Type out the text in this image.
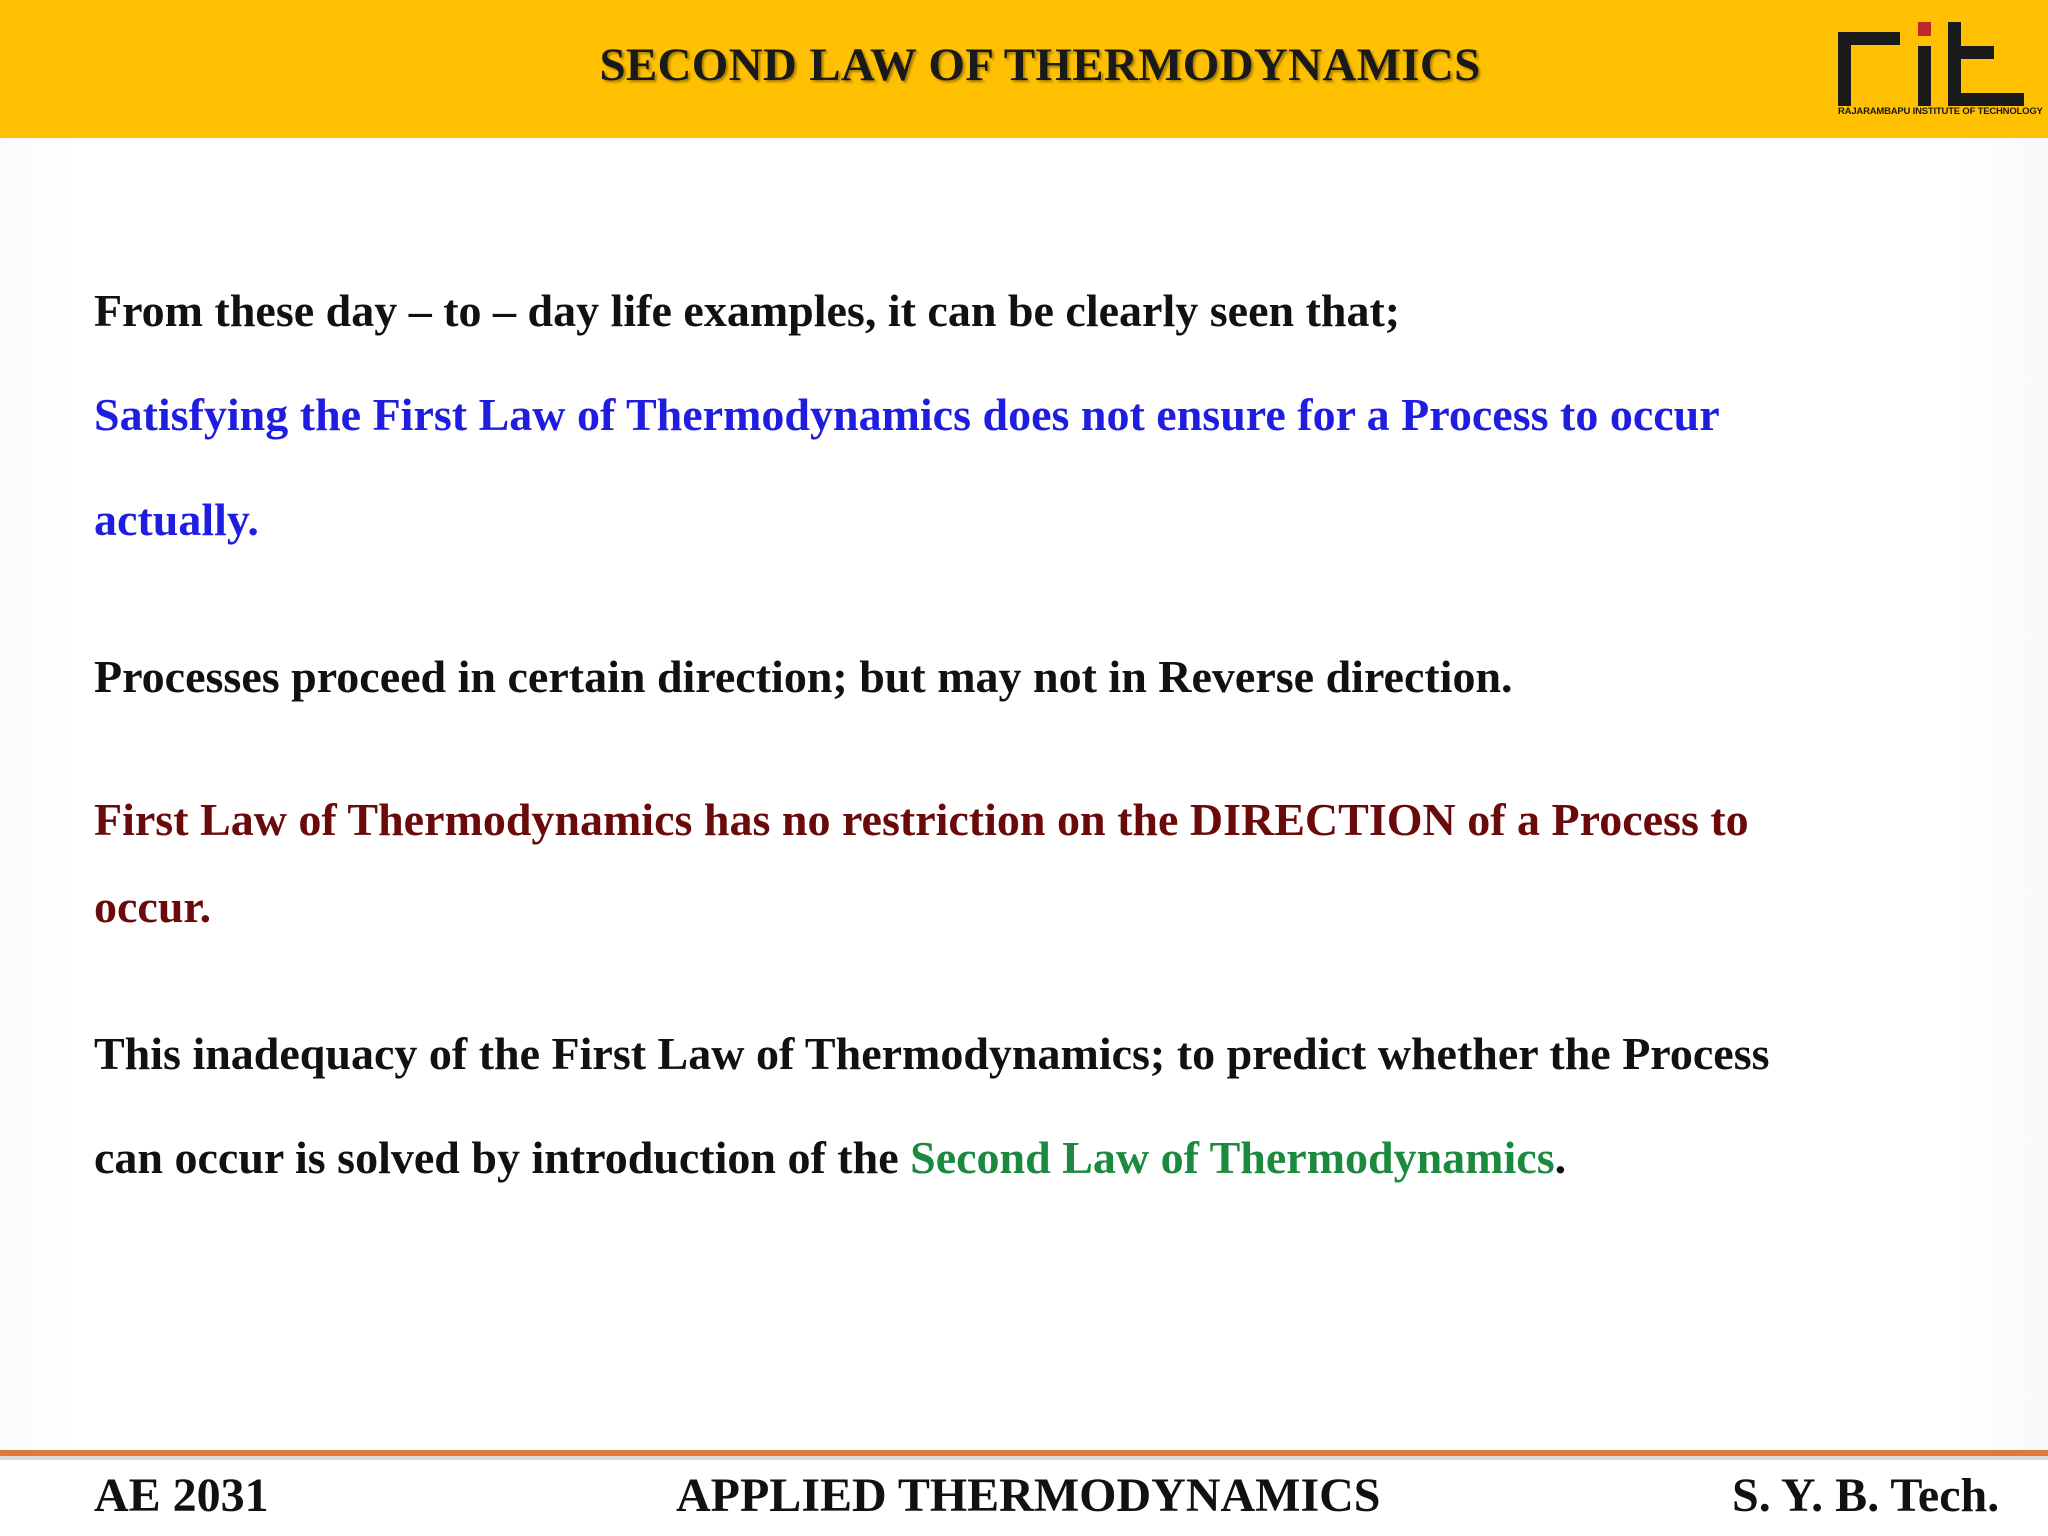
SECOND LAW OF THERMODYNAMICS
RAJARAMBAPU INSTITUTE OF TECHNOLOGY

From these day – to – day life examples, it can be clearly seen that;

Satisfying the First Law of Thermodynamics does not ensure for a Process to occur

actually.

Processes proceed in certain direction; but may not in Reverse direction.

First Law of Thermodynamics has no restriction on the DIRECTION of a Process to

occur.

This inadequacy of the First Law of Thermodynamics; to predict whether the Process

can occur is solved by introduction of the Second Law of Thermodynamics.

AE 2031	APPLIED THERMODYNAMICS	S. Y. B. Tech.
